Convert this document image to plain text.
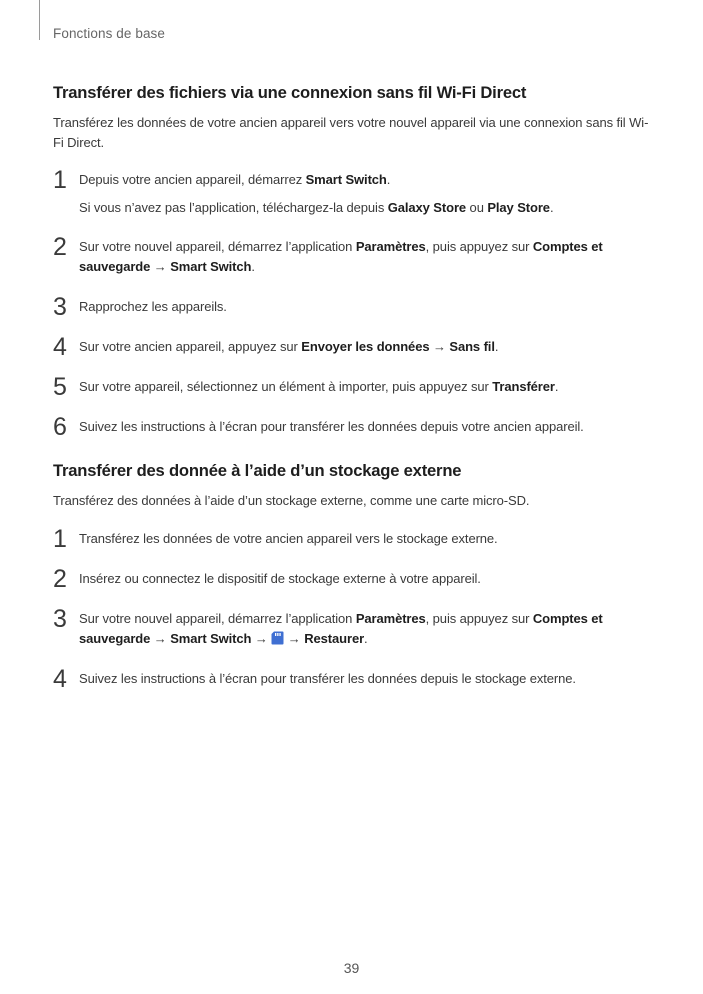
Fonctions de base
Transférer des fichiers via une connexion sans fil Wi-Fi Direct

Transférez les données de votre ancien appareil vers votre nouvel appareil via une connexion sans fil Wi-Fi Direct.

1 Depuis votre ancien appareil, démarrez Smart Switch.

Si vous n’avez pas l’application, téléchargez-la depuis Galaxy Store ou Play Store.

2 Sur votre nouvel appareil, démarrez l’application Paramètres, puis appuyez sur Comptes et sauvegarde → Smart Switch.

3 Rapprochez les appareils.

4 Sur votre ancien appareil, appuyez sur Envoyer les données → Sans fil.

5 Sur votre appareil, sélectionnez un élément à importer, puis appuyez sur Transférer.

6 Suivez les instructions à l’écran pour transférer les données depuis votre ancien appareil.

Transférer des donnée à l’aide d’un stockage externe

Transférez des données à l’aide d’un stockage externe, comme une carte micro-SD.

1 Transférez les données de votre ancien appareil vers le stockage externe.

2 Insérez ou connectez le dispositif de stockage externe à votre appareil.

3 Sur votre nouvel appareil, démarrez l’application Paramètres, puis appuyez sur Comptes et sauvegarde → Smart Switch →  → Restaurer.

4 Suivez les instructions à l’écran pour transférer les données depuis le stockage externe.

39
